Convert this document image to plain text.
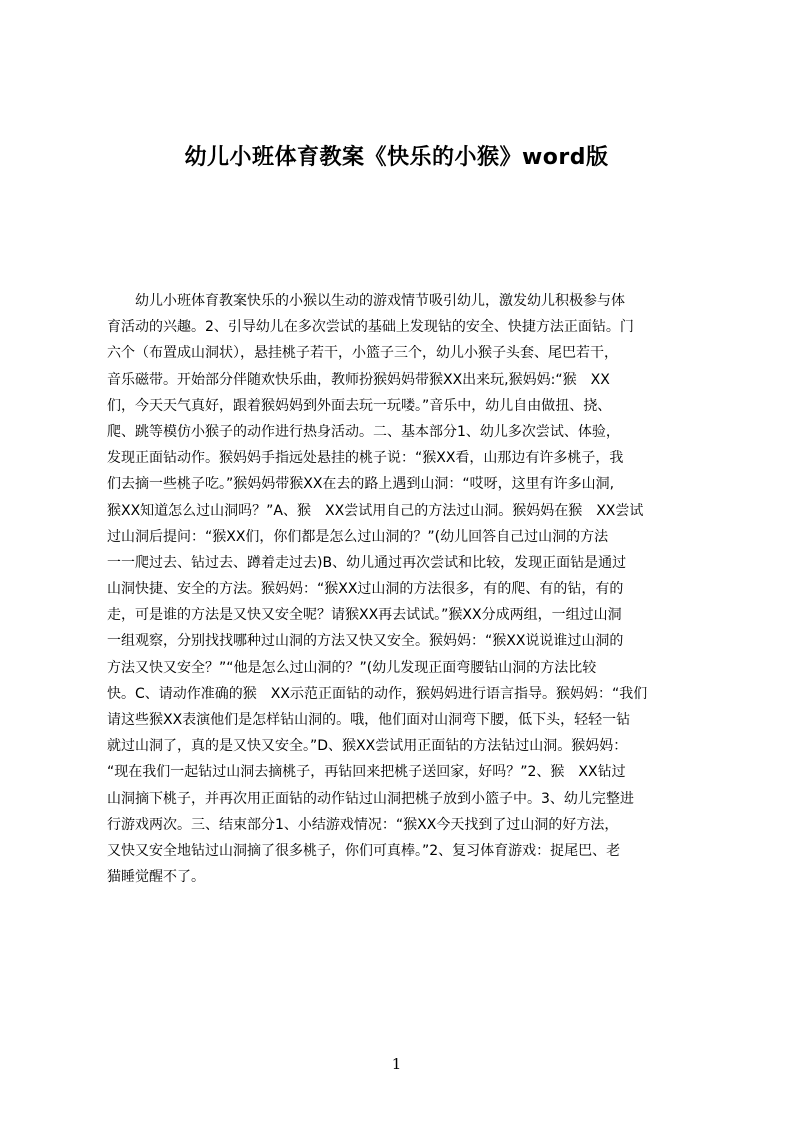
幼儿小班体育教案《快乐的小猴》word版
　　幼儿小班体育教案快乐的小猴以生动的游戏情节吸引幼儿，激发幼儿积极参与体
育活动的兴趣。2、引导幼儿在多次尝试的基础上发现钻的安全、快捷方法正面钻。门
六个（布置成山洞状），悬挂桃子若干，小篮子三个，幼儿小猴子头套、尾巴若干，
音乐磁带。开始部分伴随欢快乐曲，教师扮猴妈妈带猴XX出来玩,猴妈妈:“猴　XX
们，今天天气真好，跟着猴妈妈到外面去玩一玩喽。”音乐中，幼儿自由做扭、挠、
爬、跳等模仿小猴子的动作进行热身活动。二、基本部分1、幼儿多次尝试、体验，
发现正面钻动作。猴妈妈手指远处悬挂的桃子说：“猴XX看，山那边有许多桃子，我
们去摘一些桃子吃。”猴妈妈带猴XX在去的路上遇到山洞：“哎呀，这里有许多山洞,
猴XX知道怎么过山洞吗？”A、猴　XX尝试用自己的方法过山洞。猴妈妈在猴　XX尝试
过山洞后提问：“猴XX们，你们都是怎么过山洞的？”(幼儿回答自己过山洞的方法
一一爬过去、钻过去、蹲着走过去)B、幼儿通过再次尝试和比较，发现正面钻是通过
山洞快捷、安全的方法。猴妈妈：“猴XX过山洞的方法很多，有的爬、有的钻，有的
走，可是谁的方法是又快又安全呢？请猴XX再去试试。”猴XX分成两组，一组过山洞
一组观察，分别找找哪种过山洞的方法又快又安全。猴妈妈：“猴XX说说谁过山洞的
方法又快又安全？”“他是怎么过山洞的？”(幼儿发现正面弯腰钻山洞的方法比较
快。C、请动作准确的猴　XX示范正面钻的动作，猴妈妈进行语言指导。猴妈妈：“我们
请这些猴XX表演他们是怎样钻山洞的。哦，他们面对山洞弯下腰，低下头，轻轻一钻
就过山洞了，真的是又快又安全。”D、猴XX尝试用正面钻的方法钻过山洞。猴妈妈：
“现在我们一起钻过山洞去摘桃子，再钻回来把桃子送回家，好吗？”2、猴　XX钻过
山洞摘下桃子，并再次用正面钻的动作钻过山洞把桃子放到小篮子中。3、幼儿完整进
行游戏两次。三、结束部分1、小结游戏情况：“猴XX今天找到了过山洞的好方法，
又快又安全地钻过山洞摘了很多桃子，你们可真棒。”2、复习体育游戏：捉尾巴、老
猫睡觉醒不了。
1
